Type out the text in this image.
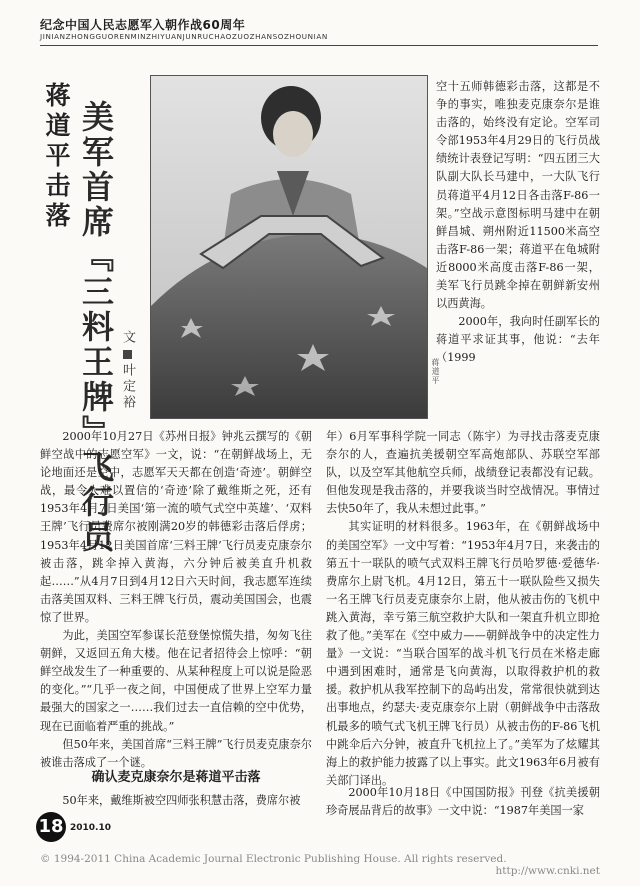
纪念中国人民志愿军入朝作战60周年
JINIANZHONGGUORENMINZHIYUANJUNRUCHAOZUOZHANSOZHOUNIAN
蒋道平击落 美军首席『三料王牌』飞行员 文叶定裕	蒋道平

空十五师韩德彩击落，这都是不争的事实，唯独麦克康奈尔是谁击落的，始终没有定论。空军司令部1953年4月29日的飞行员战绩统计表登记写明：“四五团三大队副大队长马建中，一大队飞行员蒋道平4月12日各击落F-86一架。”空战示意图标明马建中在朝鲜昌城、朔州附近11500米高空击落F-86一架；蒋道平在龟城附近8000米高度击落F-86一架，美军飞行员跳伞掉在朝鲜新安州以西黄海。

2000年，我向时任副军长的蒋道平求证其事，他说：“去年（1999

2000年10月27日《苏州日报》钟兆云撰写的《朝鲜空战中的志愿空军》一文，说：“在朝鲜战场上，无论地面还是空中，志愿军天天都在创造‘奇迹’。朝鲜空战，最令人难以置信的‘奇迹’除了戴维斯之死，还有1953年4月7日美国‘第一流的喷气式空中英雄’、‘双料王牌’飞行员费席尔被刚满20岁的韩德彩击落后俘虏；1953年4月12日美国首席‘三料王牌’飞行员麦克康奈尔被击落，跳伞掉入黄海，六分钟后被美直升机救起……”从4月7日到4月12日六天时间，我志愿军连续击落美国双料、三料王牌飞行员，震动美国国会，也震惊了世界。

为此，美国空军参谋长范登堡惊慌失措，匆匆飞往朝鲜，又返回五角大楼。他在记者招待会上惊呼：“朝鲜空战发生了一种重要的、从某种程度上可以说是险恶的变化。”“几乎一夜之间，中国便成了世界上空军力量最强大的国家之一……我们过去一直信赖的空中优势，现在已面临着严重的挑战。”

但50年来，美国首席“三料王牌”飞行员麦克康奈尔被谁击落成了一个谜。

确认麦克康奈尔是蒋道平击落

50年来，戴维斯被空四师张积慧击落，费席尔被

年）6月军事科学院一同志（陈宇）为寻找击落麦克康奈尔的人，查遍抗美援朝空军高炮部队、苏联空军部队，以及空军其他航空兵师，战绩登记表都没有记载。但他发现是我击落的，并要我谈当时空战情况。事情过去快50年了，我从未想过此事。”

其实证明的材料很多。1963年，在《朝鲜战场中的美国空军》一文中写着：“1953年4月7日，来袭击的第五十一联队的喷气式双料王牌飞行员哈罗德·爱德华·费席尔上尉飞机。4月12日，第五十一联队险些又损失一名王牌飞行员麦克康奈尔上尉，他从被击伤的飞机中跳入黄海，幸亏第三航空救护大队和一架直升机立即抢救了他。”美军在《空中威力——朝鲜战争中的决定性力量》一文说：“当联合国军的战斗机飞行员在米格走廊中遇到困难时，通常是飞向黄海，以取得救护机的救援。救护机从我军控制下的岛屿出发，常常很快就到达出事地点，约瑟夫·麦克康奈尔上尉（朝鲜战争中击落敌机最多的喷气式飞机王牌飞行员）从被击伤的F-86飞机中跳伞后六分钟，被直升飞机拉上了。”美军为了炫耀其海上的救护能力披露了以上事实。此文1963年6月被有关部门译出。

2000年10月18日《中国国防报》刊登《抗美援朝珍奇展品背后的故事》一文中说：“1987年美国一家

18 2010.10
© 1994-2011 China Academic Journal Electronic Publishing House. All rights reserved.
http://www.cnki.net
